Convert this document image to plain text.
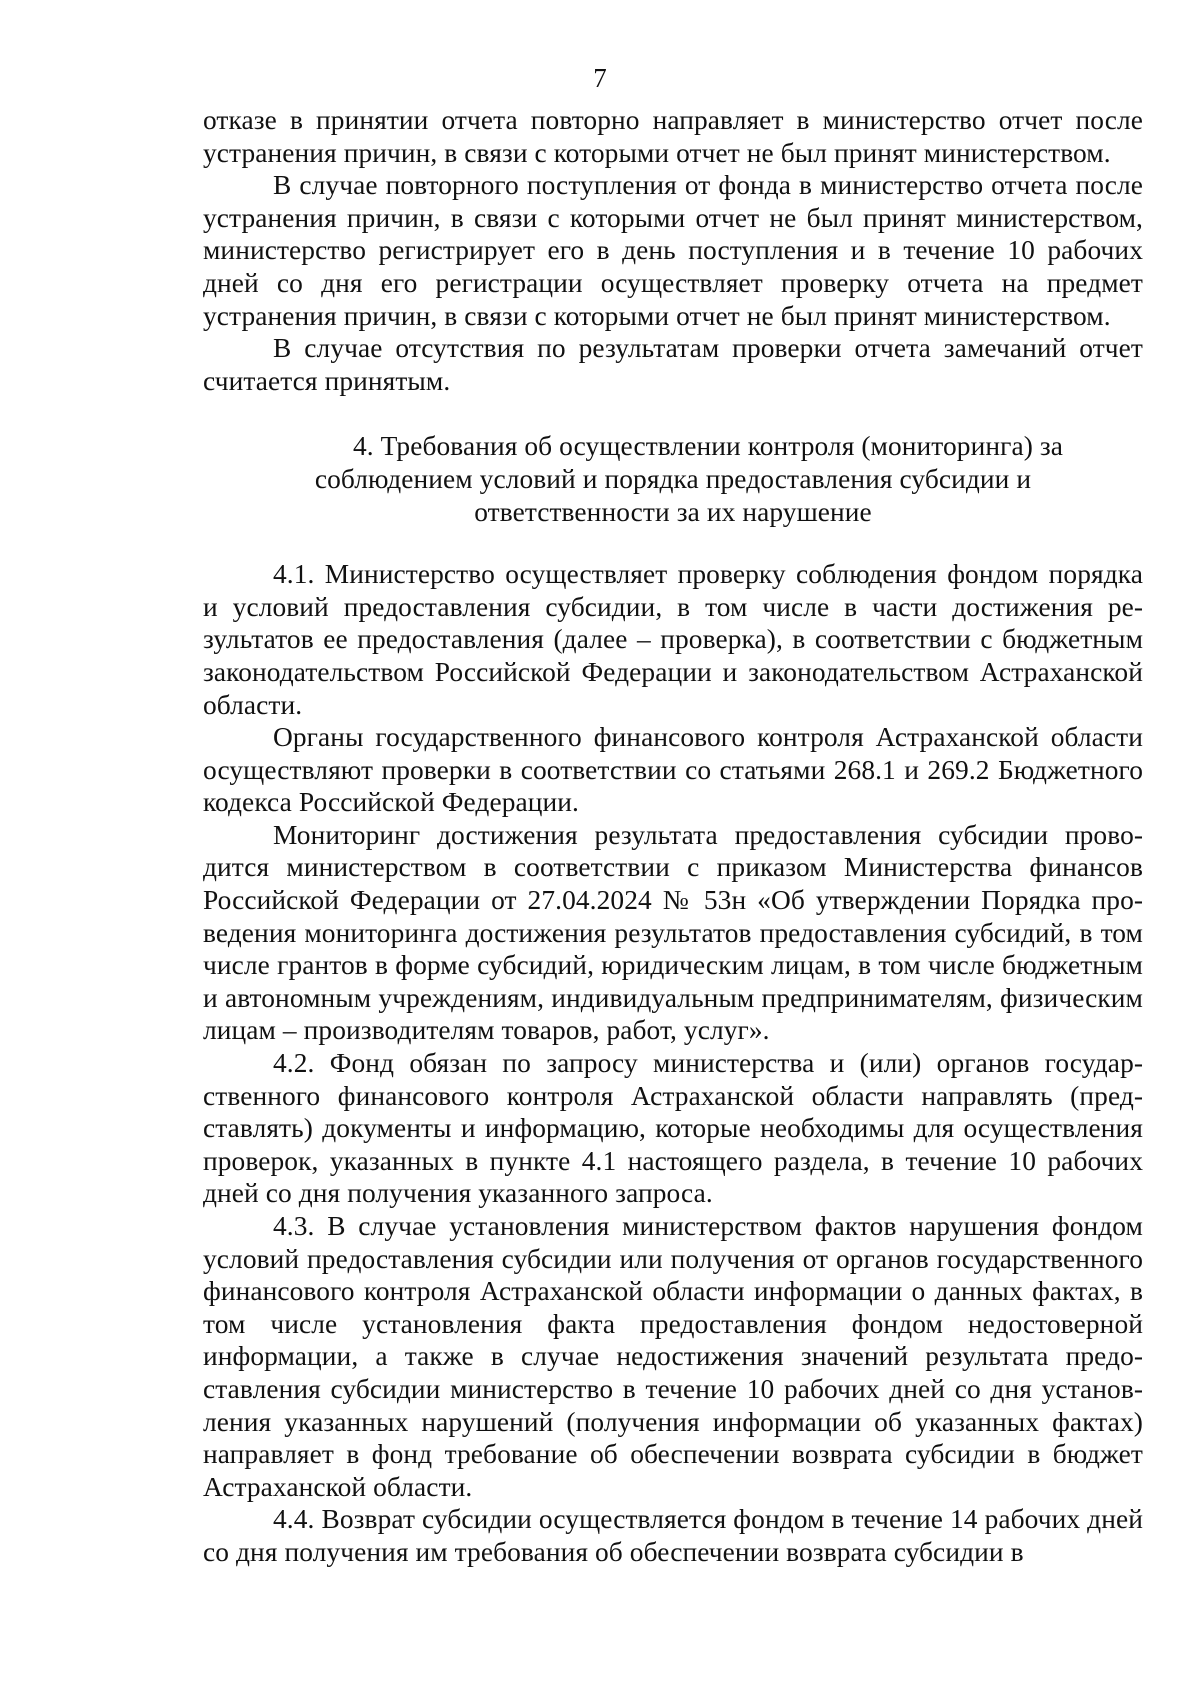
7

отказе в принятии отчета повторно направляет в министерство отчет после устранения причин, в связи с которыми отчет не был принят министерством.

В случае повторного поступления от фонда в министерство отчета после устранения причин, в связи с которыми отчет не был принят министерством, министерство регистрирует его в день поступления и в течение 10 рабочих дней со дня его регистрации осуществляет проверку отчета на предмет устранения причин, в связи с которыми отчет не был принят министерством.

В случае отсутствия по результатам проверки отчета замечаний отчет считается принятым.

4. Требования об осуществлении контроля (мониторинга) за соблюдением условий и порядка предоставления субсидии и ответственности за их нарушение

4.1. Министерство осуществляет проверку соблюдения фондом порядка и условий предоставления субсидии, в том числе в части достижения результатов ее предоставления (далее – проверка), в соответствии с бюджетным законодательством Российской Федерации и законодательством Астраханской области.

Органы государственного финансового контроля Астраханской области осуществляют проверки в соответствии со статьями 268.1 и 269.2 Бюджетного кодекса Российской Федерации.

Мониторинг достижения результата предоставления субсидии проводится министерством в соответствии с приказом Министерства финансов Российской Федерации от 27.04.2024 № 53н «Об утверждении Порядка проведения мониторинга достижения результатов предоставления субсидий, в том числе грантов в форме субсидий, юридическим лицам, в том числе бюджетным и автономным учреждениям, индивидуальным предпринимателям, физическим лицам – производителям товаров, работ, услуг».

4.2. Фонд обязан по запросу министерства и (или) органов государственного финансового контроля Астраханской области направлять (представлять) документы и информацию, которые необходимы для осуществления проверок, указанных в пункте 4.1 настоящего раздела, в течение 10 рабочих дней со дня получения указанного запроса.

4.3. В случае установления министерством фактов нарушения фондом условий предоставления субсидии или получения от органов государственного финансового контроля Астраханской области информации о данных фактах, в том числе установления факта предоставления фондом недостоверной информации, а также в случае недостижения значений результата предоставления субсидии министерство в течение 10 рабочих дней со дня установления указанных нарушений (получения информации об указанных фактах) направляет в фонд требование об обеспечении возврата субсидии в бюджет Астраханской области.

4.4. Возврат субсидии осуществляется фондом в течение 14 рабочих дней со дня получения им требования об обеспечении возврата субсидии в
